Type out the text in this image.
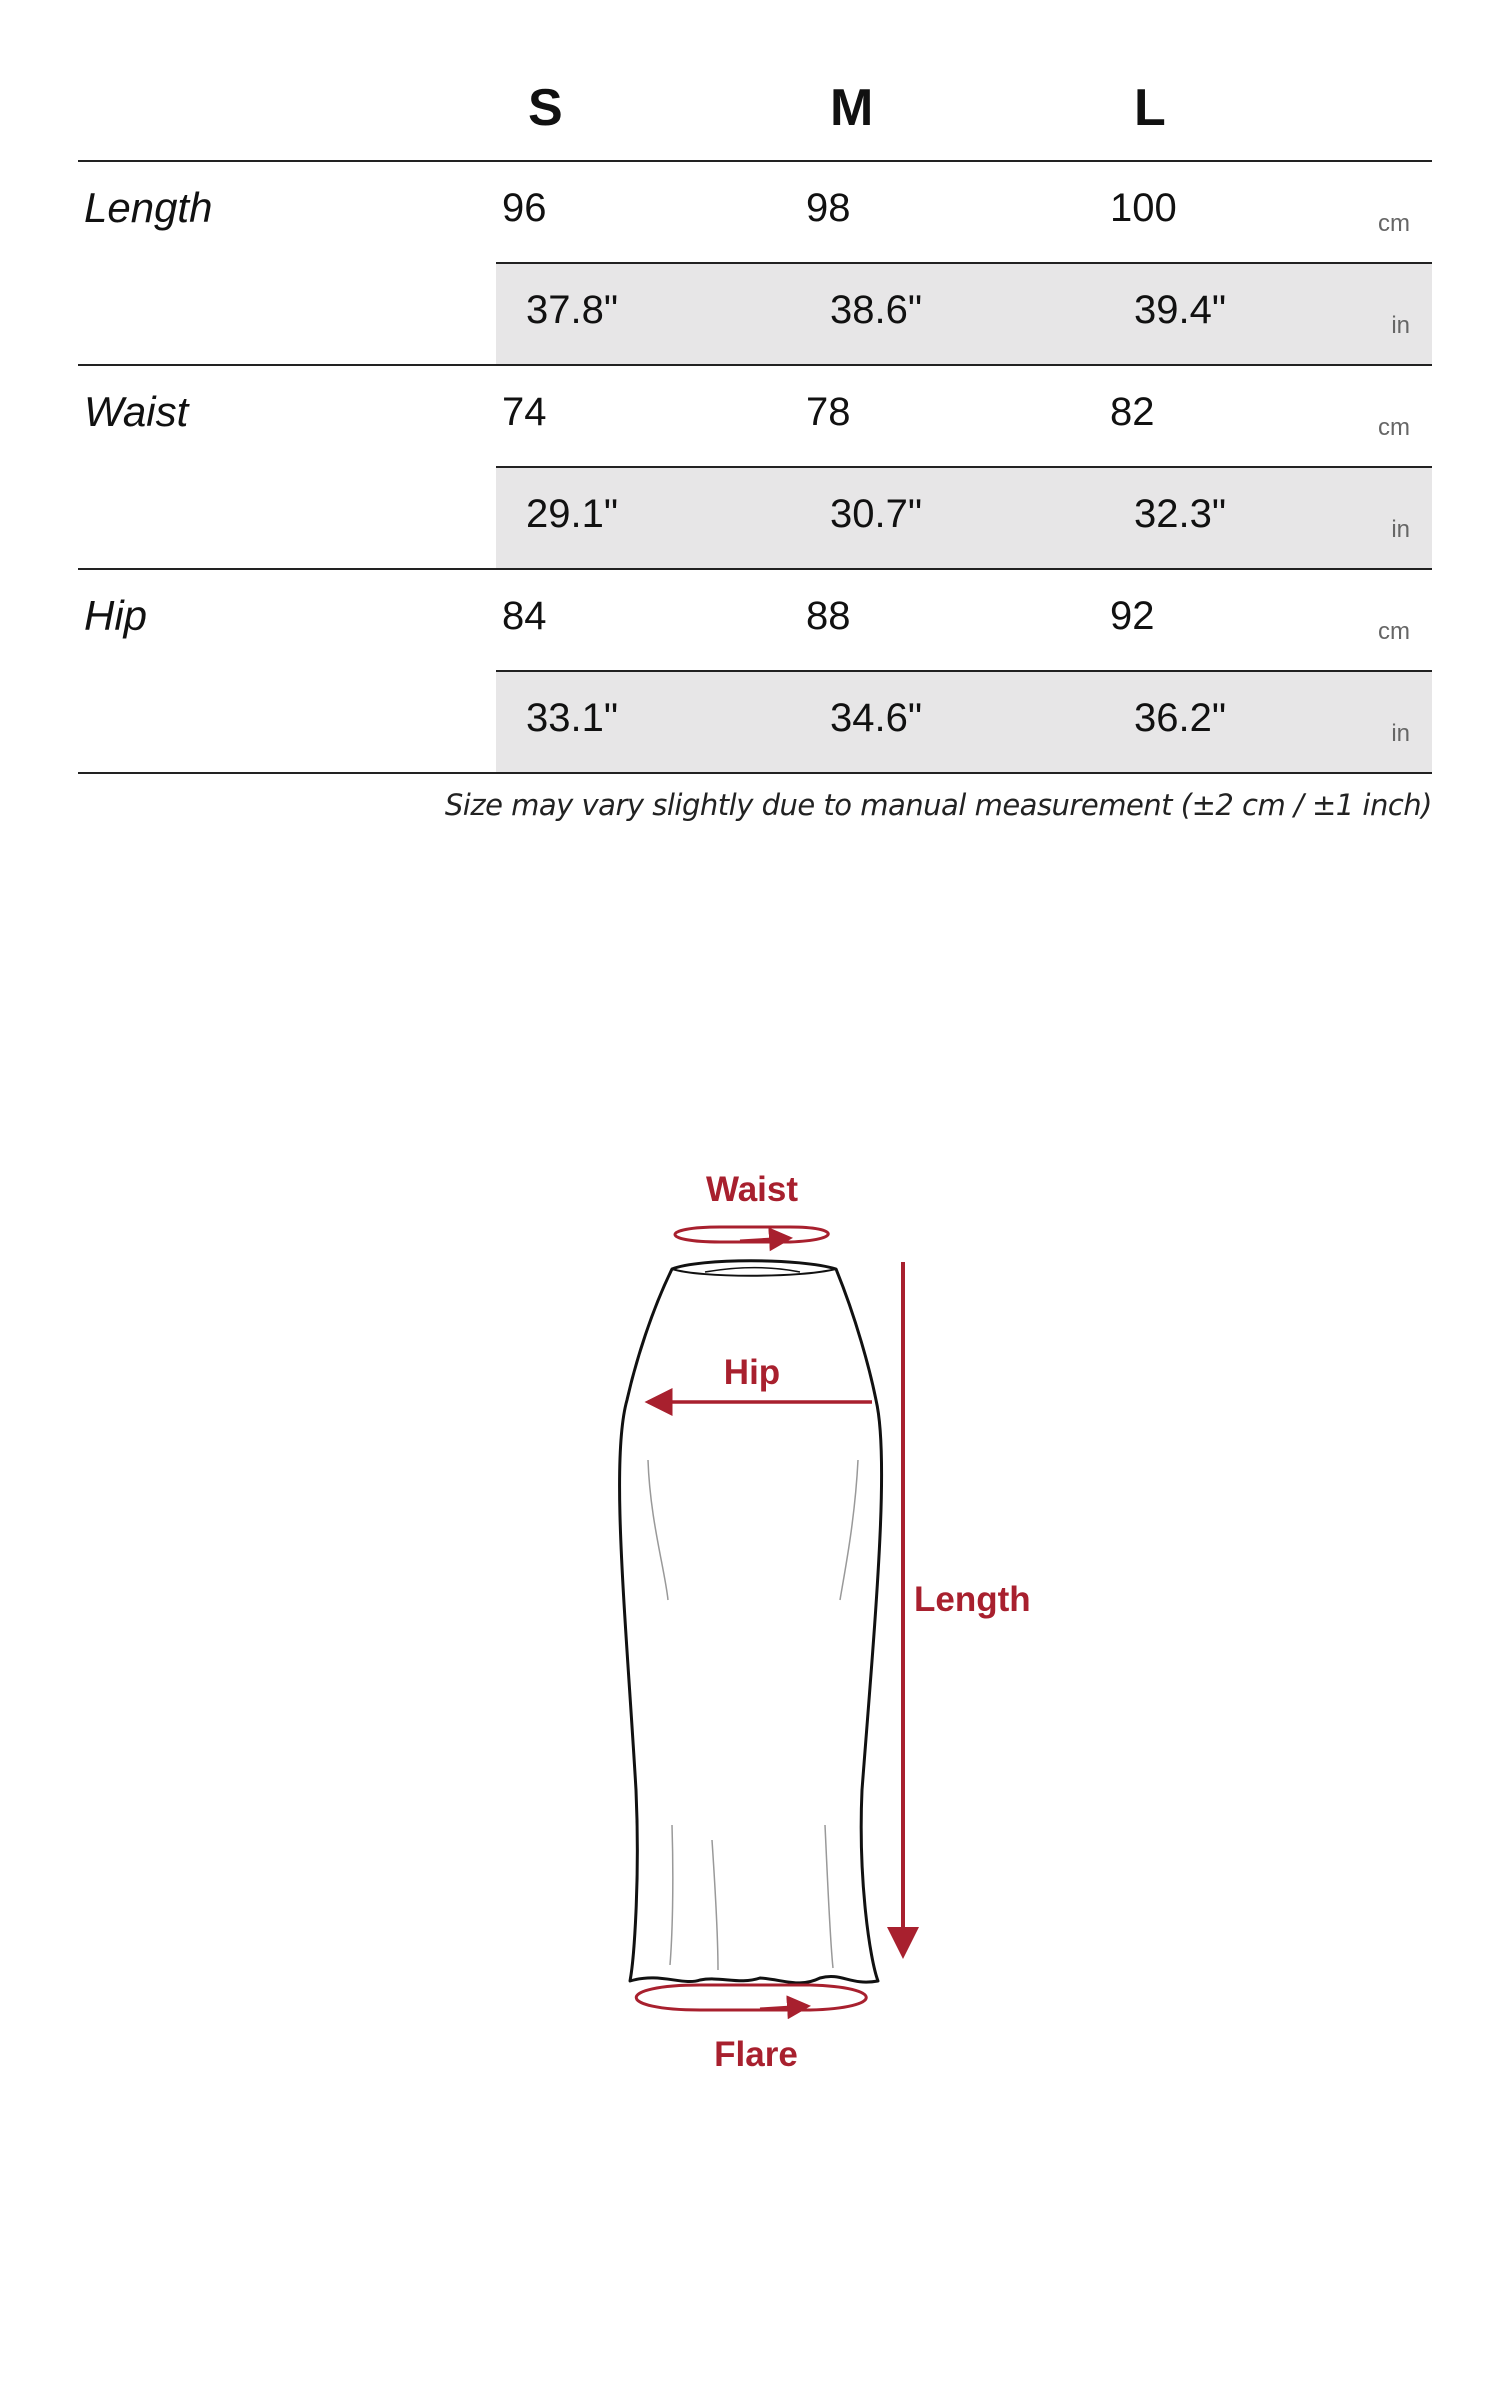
S	M	L
Length	96	98	100	cm
37.8"	38.6"	39.4"	in
Waist	74	78	82	cm
29.1"	30.7"	32.3"	in
Hip	84	88	92	cm
33.1"	34.6"	36.2"	in
Size may vary slightly due to manual measurement (±2 cm / ±1 inch)
Waist
Hip
Length
Flare
